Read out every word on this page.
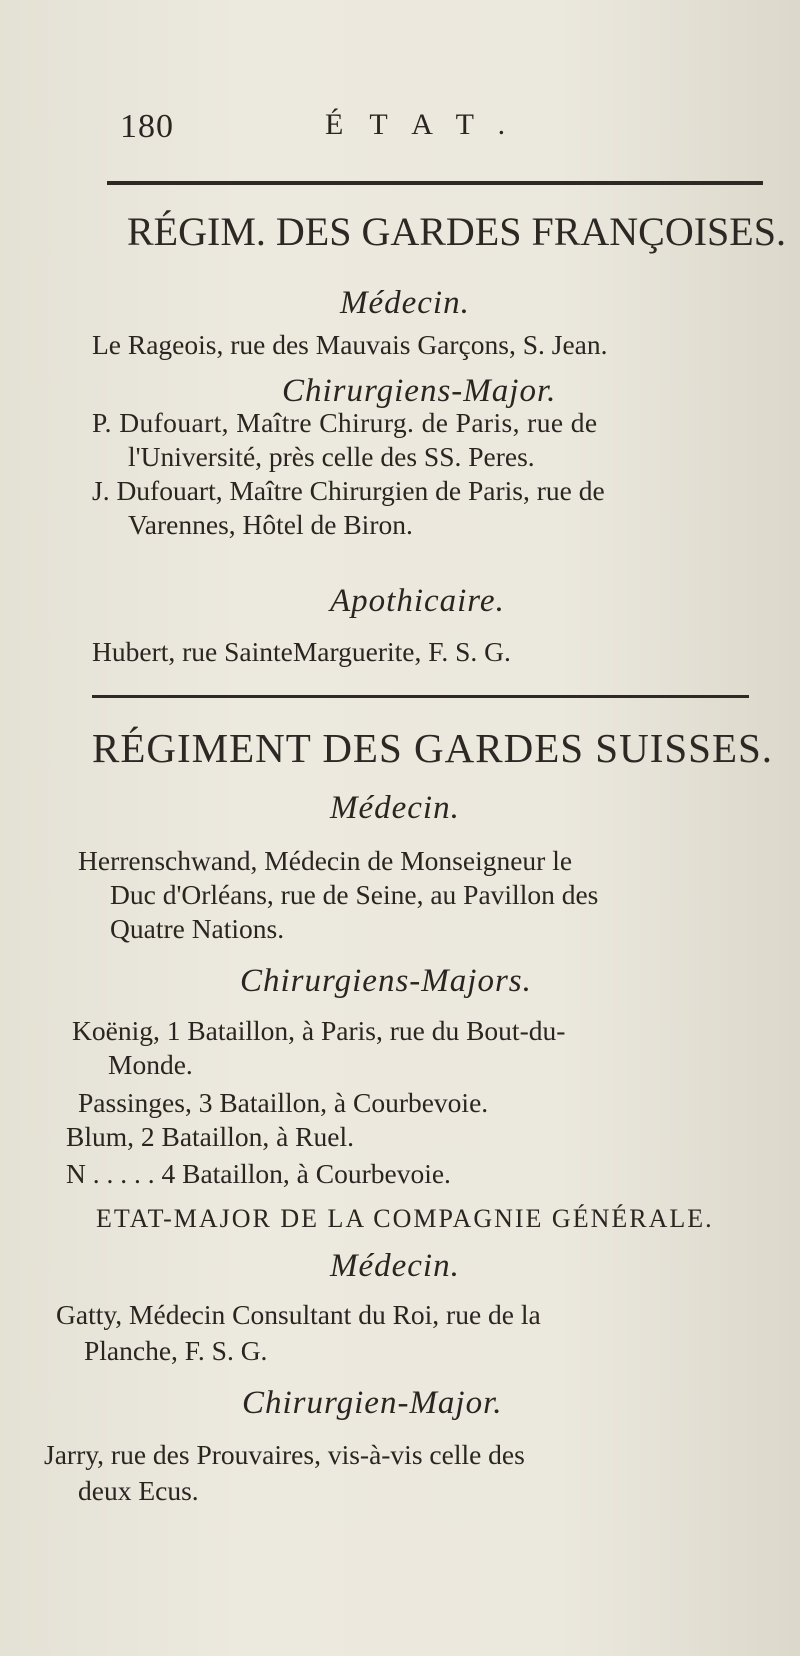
180	ÉTAT.
RÉGIM. DES GARDES FRANÇOISES.
Médecin.
Le Rageois, rue des Mauvais Garçons, S. Jean.
Chirurgiens-Major.
P. Dufouart, Maître Chirurg. de Paris, rue de
l'Université, près celle des SS. Peres.
J. Dufouart, Maître Chirurgien de Paris, rue de
Varennes, Hôtel de Biron.
Apothicaire.
Hubert, rue SainteMarguerite, F. S. G.
RÉGIMENT DES GARDES SUISSES.
Médecin.
Herrenschwand, Médecin de Monseigneur le
Duc d'Orléans, rue de Seine, au Pavillon des
Quatre Nations.
Chirurgiens-Majors.
Koënig, 1 Bataillon, à Paris, rue du Bout-du-
Monde.
Passinges, 3 Bataillon, à Courbevoie.
Blum, 2 Bataillon, à Ruel.
N . . . . . 4 Bataillon, à Courbevoie.
ETAT-MAJOR DE LA COMPAGNIE GÉNÉRALE.
Médecin.
Gatty, Médecin Consultant du Roi, rue de la
Planche, F. S. G.
Chirurgien-Major.
Jarry, rue des Prouvaires, vis-à-vis celle des
deux Ecus.
